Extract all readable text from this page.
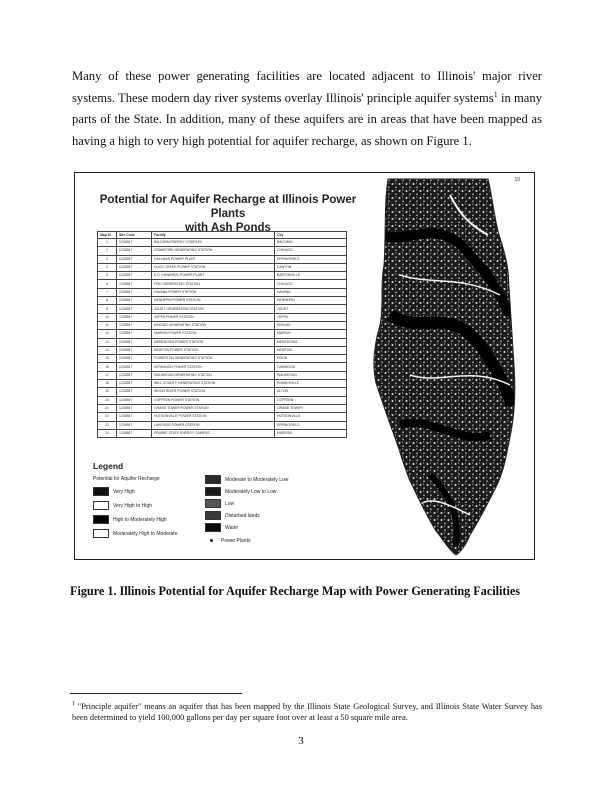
Many of these power generating facilities are located adjacent to Illinois' major river systems. These modern day river systems overlay Illinois' principle aquifer systems$^1$ in many parts of the State. In addition, many of these aquifers are in areas that have been mapped as having a high to very high potential for aquifer recharge, as shown on Figure 1.

19
Potential for Aquifer Recharge at Illinois Power Plants
with Ash Ponds
Map ID	Site Code	Facility	City
1	1234567	BALDWIN ENERGY COMPLEX	BALDWIN
2	1234567	CRAWFORD GENERATING STATION	CHICAGO
3	1234567	DALLMAN POWER PLANT	SPRINGFIELD
4	1234567	DUCK CREEK POWER STATION	CANTON
5	1234567	E.D. EDWARDS POWER PLANT	BARTONVILLE
6	1234567	FISK GENERATING STATION	CHICAGO
7	1234567	HAVANA POWER STATION	HAVANA
8	1234567	HENNEPIN POWER STATION	HENNEPIN
9	1234567	JOLIET GENERATING STATION	JOLIET
10	1234567	JOPPA POWER STATION	JOPPA
11	1234567	KINCAID GENERATING STATION	KINCAID
12	1234567	MARION POWER STATION	MARION
13	1234567	MEREDOSIA POWER STATION	MEREDOSIA
14	1234567	NEWTON POWER STATION	NEWTON
15	1234567	POWERTON GENERATING STATION	PEKIN
16	1234567	VERMILION POWER STATION	OAKWOOD
17	1234567	WAUKEGAN GENERATING STATION	WAUKEGAN
18	1234567	WILL COUNTY GENERATING STATION	ROMEOVILLE
19	1234567	WOOD RIVER POWER STATION	ALTON
20	1234567	COFFEEN POWER STATION	COFFEEN
21	1234567	GRAND TOWER POWER STATION	GRAND TOWER
22	1234567	HUTSONVILLE POWER STATION	HUTSONVILLE
23	1234567	LAKESIDE POWER STATION	SPRINGFIELD
24	1234567	PRAIRIE STATE ENERGY CAMPUS	MARISSA
Legend
Potential for Aquifer Recharge
Very High
Very High to High
High to Moderately High
Moderately High to Moderate
Moderate to Moderately Low
Moderately Low to Low
Low
Disturbed lands
Water
Power Plants

Figure 1. Illinois Potential for Aquifer Recharge Map with Power Generating Facilities

$^1$ "Principle aquifer" means an aquifer that has been mapped by the Illinois State Geological Survey, and Illinois State Water Survey has been determined to yield 100,000 gallons per day per square foot over at least a 50 square mile area.

3
